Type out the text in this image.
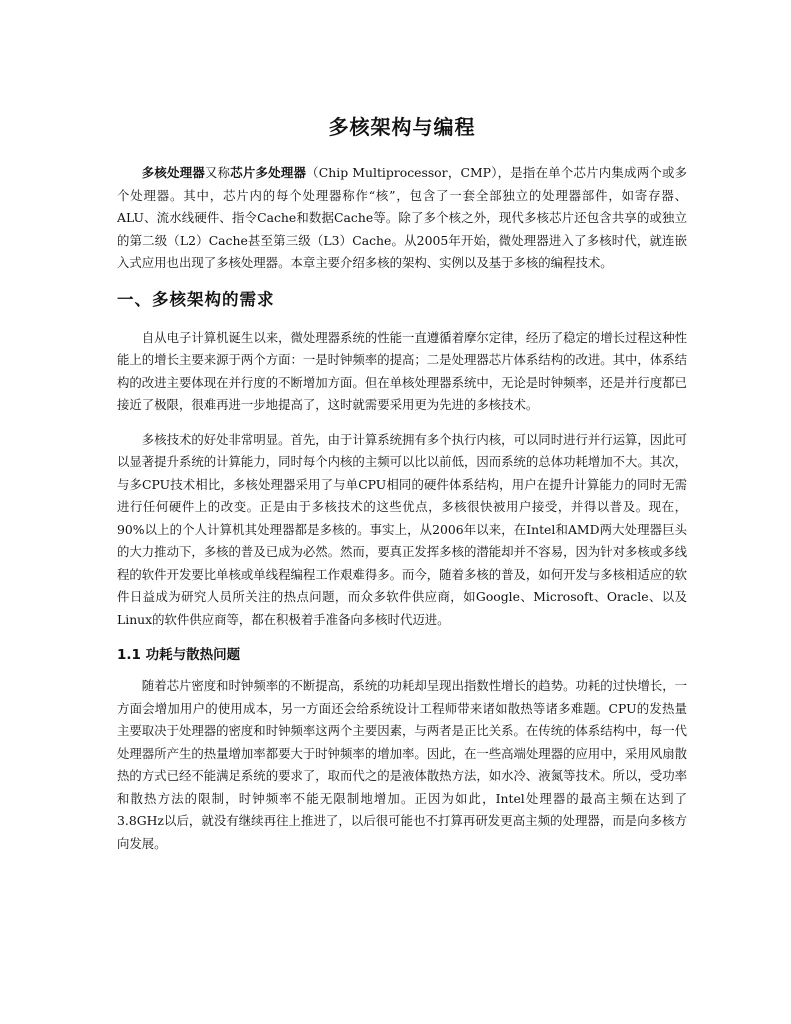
多核架构与编程

多核处理器又称芯片多处理器（Chip Multiprocessor，CMP），是指在单个芯片内集成两个或多个处理器。其中，芯片内的每个处理器称作“核”，包含了一套全部独立的处理器部件，如寄存器、ALU、流水线硬件、指令Cache和数据Cache等。除了多个核之外，现代多核芯片还包含共享的或独立的第二级（L2）Cache甚至第三级（L3）Cache。从2005年开始，微处理器进入了多核时代，就连嵌入式应用也出现了多核处理器。本章主要介绍多核的架构、实例以及基于多核的编程技术。

一、多核架构的需求

自从电子计算机诞生以来，微处理器系统的性能一直遵循着摩尔定律，经历了稳定的增长过程这种性能上的增长主要来源于两个方面：一是时钟频率的提高；二是处理器芯片体系结构的改进。其中，体系结构的改进主要体现在并行度的不断增加方面。但在单核处理器系统中，无论是时钟频率，还是并行度都已接近了极限，很难再进一步地提高了，这时就需要采用更为先进的多核技术。

多核技术的好处非常明显。首先，由于计算系统拥有多个执行内核，可以同时进行并行运算，因此可以显著提升系统的计算能力，同时每个内核的主频可以比以前低，因而系统的总体功耗增加不大。其次，与多CPU技术相比，多核处理器采用了与单CPU相同的硬件体系结构，用户在提升计算能力的同时无需进行任何硬件上的改变。正是由于多核技术的这些优点，多核很快被用户接受，并得以普及。现在，90%以上的个人计算机其处理器都是多核的。事实上，从2006年以来，在Intel和AMD两大处理器巨头的大力推动下，多核的普及已成为必然。然而，要真正发挥多核的潜能却并不容易，因为针对多核或多线程的软件开发要比单核或单线程编程工作艰难得多。而今，随着多核的普及，如何开发与多核相适应的软件日益成为研究人员所关注的热点问题，而众多软件供应商，如Google、Microsoft、Oracle、以及Linux的软件供应商等，都在积极着手准备向多核时代迈进。

1.1 功耗与散热问题

随着芯片密度和时钟频率的不断提高，系统的功耗却呈现出指数性增长的趋势。功耗的过快增长，一方面会增加用户的使用成本，另一方面还会给系统设计工程师带来诸如散热等诸多难题。CPU的发热量主要取决于处理器的密度和时钟频率这两个主要因素，与两者是正比关系。在传统的体系结构中，每一代处理器所产生的热量增加率都要大于时钟频率的增加率。因此，在一些高端处理器的应用中，采用风扇散热的方式已经不能满足系统的要求了，取而代之的是液体散热方法，如水冷、液氮等技术。所以，受功率和散热方法的限制，时钟频率不能无限制地增加。正因为如此，Intel处理器的最高主频在达到了3.8GHz以后，就没有继续再往上推进了，以后很可能也不打算再研发更高主频的处理器，而是向多核方向发展。
